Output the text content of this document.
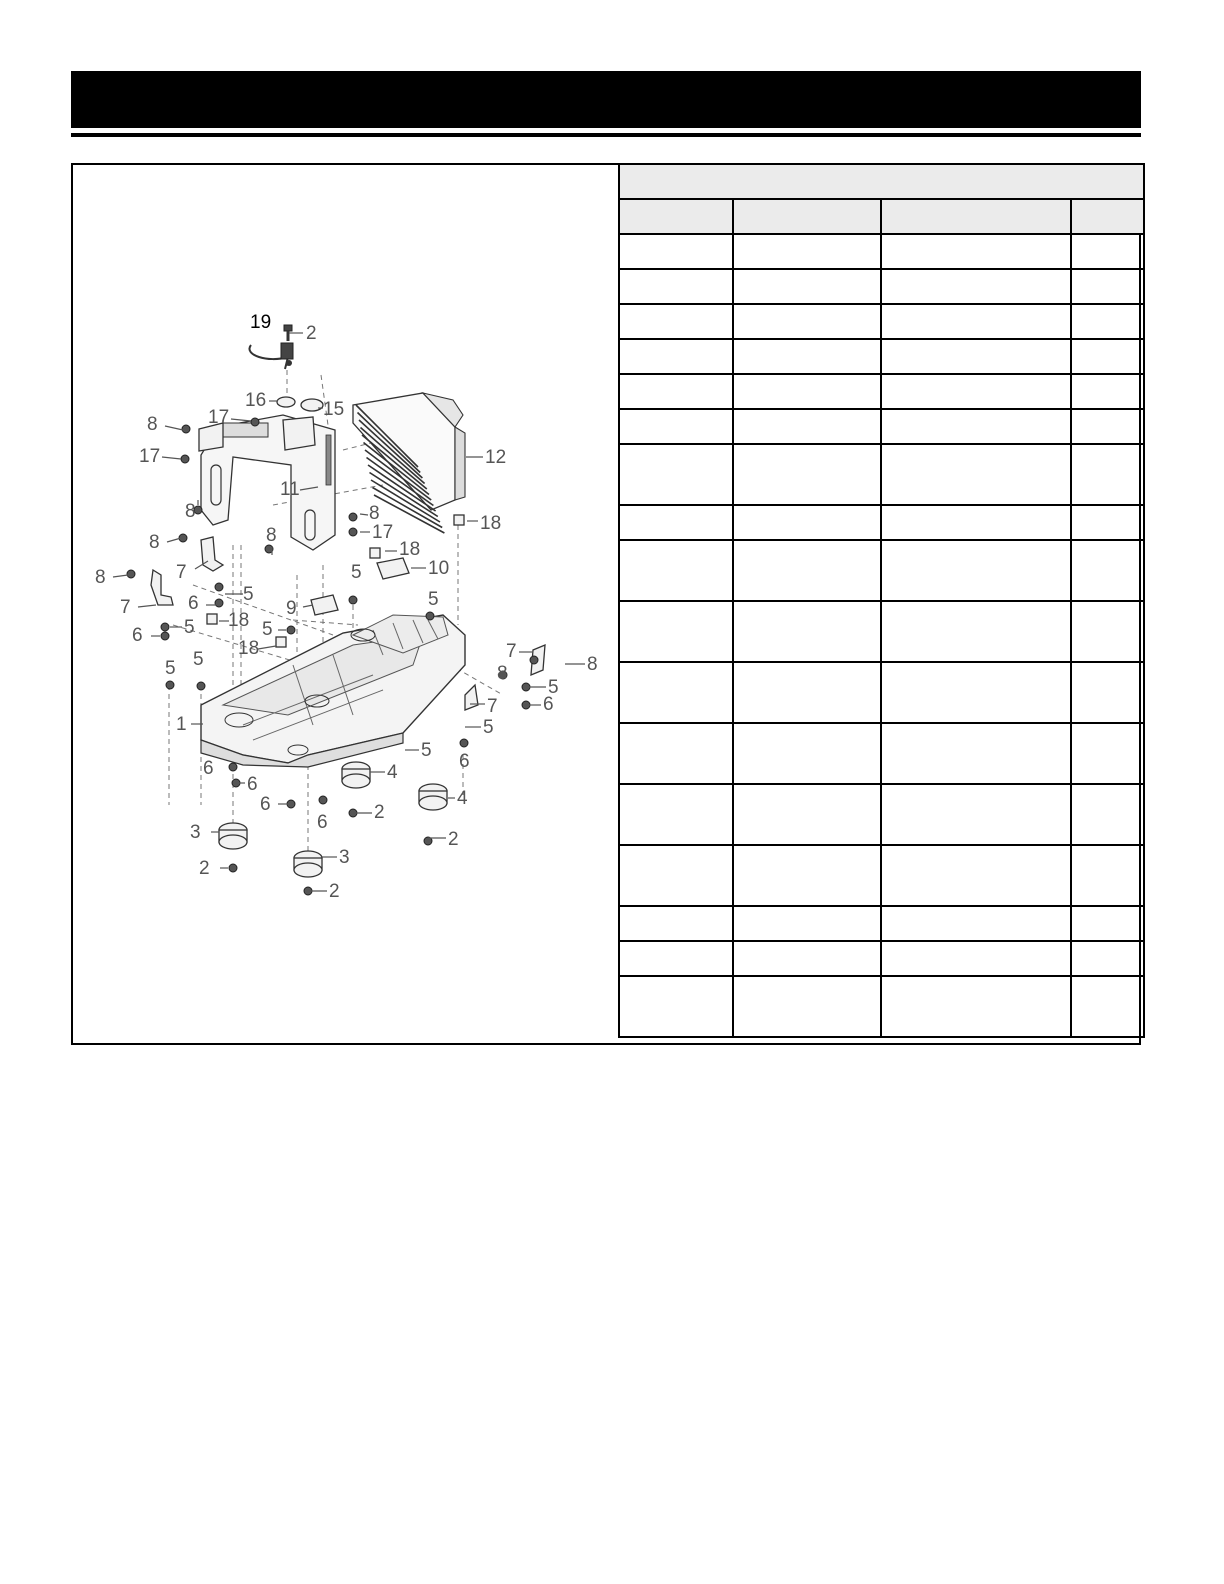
19
2
16	15
8	17
17	12
11
8
8
8
17	18
18
8
7	10
5
8
5
7	6	9	5
18 5
6 5
18	7
8
5 5
8
5
7 6
1	5
5
6
6	4
6
4
6	2
6
3	2
3
2
2
